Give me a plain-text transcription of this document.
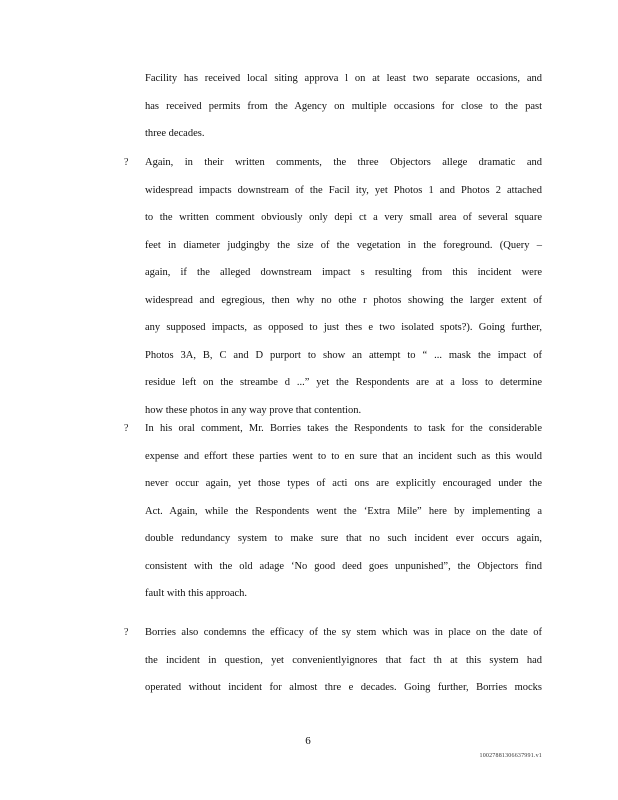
Facility has received local siting approva l on at least two separate occasions, and
has received permits from the Agency on multiple occasions for close to the past
three decades.
?	Again, in their written comments, the three Objectors allege dramatic and
widespread impacts downstream of the Facil ity, yet Photos 1 and Photos 2 attached
to the written comment obviously only depi ct a very small area of several square
feet in diameter judgingby the size of the vegetation in the foreground. (Query –
again, if the alleged downstream impact s resulting from this incident were
widespread and egregious, then why no othe r photos showing the larger extent of
any supposed impacts, as opposed to just thes e two isolated spots?). Going further,
Photos 3A, B, C and D purport to show an attempt to “ ... mask the impact of
residue left on the streambe d ...” yet the Respondents are at a loss to determine
how these photos in any way prove that contention.
?	In his oral comment, Mr. Borries takes the Respondents to task for the considerable
expense and effort these parties went to to en sure that an incident such as this would
never occur again, yet those types of acti ons are explicitly encouraged under the
Act. Again, while the Respondents went the ‘Extra Mile” here by implementing a
double redundancy system to make sure that no such incident ever occurs again,
consistent with the old adage ‘No good deed goes unpunished”, the Objectors find
fault with this approach.
?	Borries also condemns the efficacy of the sy stem which was in place on the date of
the incident in question, yet convenientlyignores that fact th at this system had
operated without incident for almost thre e decades. Going further, Borries mocks
6
10027881306637991.v1
